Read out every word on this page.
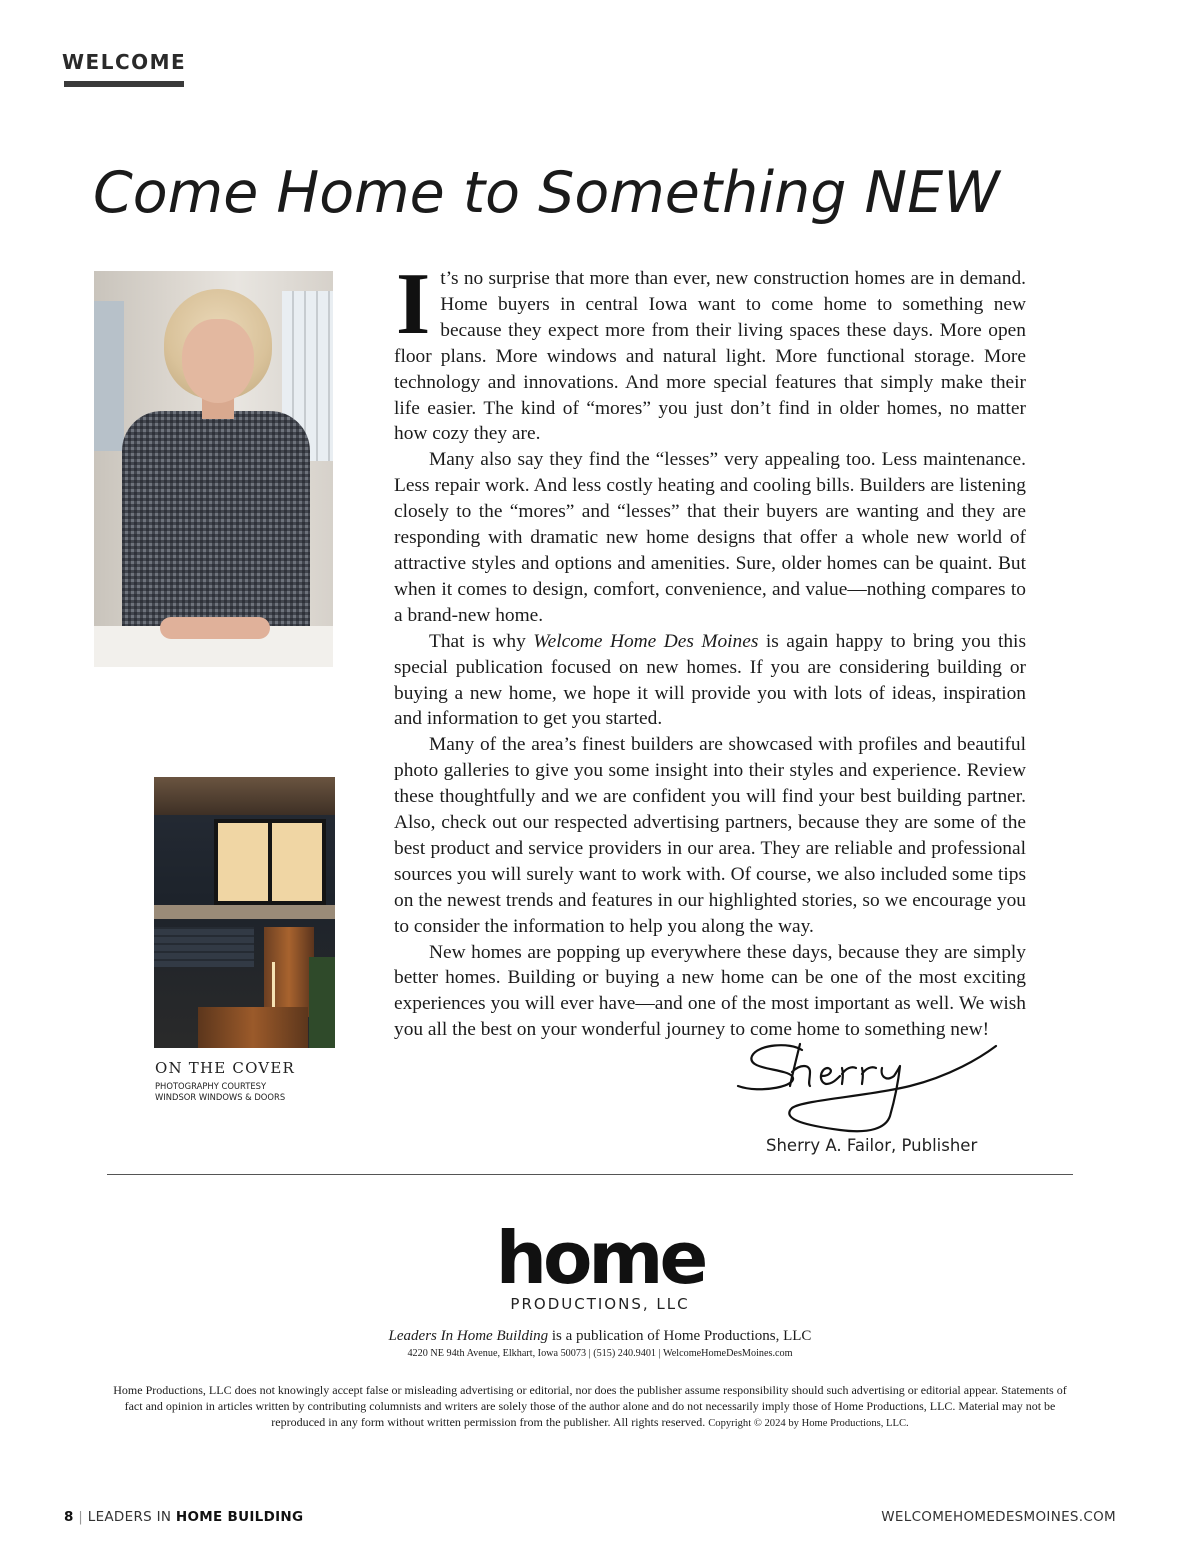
WELCOME
Come Home to Something NEW
ON THE COVER
PHOTOGRAPHY COURTESY
WINDSOR WINDOWS & DOORS

It’s no surprise that more than ever, new construction homes are in demand. Home buyers in central Iowa want to come home to something new because they expect more from their living spaces these days. More open floor plans. More windows and natural light. More functional storage. More technology and innovations. And more special features that simply make their life easier. The kind of “mores” you just don’t find in older homes, no matter how cozy they are.

Many also say they find the “lesses” very appealing too. Less maintenance. Less repair work. And less costly heating and cooling bills. Builders are listening closely to the “mores” and “lesses” that their buyers are wanting and they are responding with dramatic new home designs that offer a whole new world of attractive styles and options and amenities. Sure, older homes can be quaint. But when it comes to design, comfort, convenience, and value—nothing compares to a brand-new home.

That is why Welcome Home Des Moines is again happy to bring you this special publication focused on new homes. If you are considering building or buying a new home, we hope it will provide you with lots of ideas, inspiration and information to get you started.

Many of the area’s finest builders are showcased with profiles and beautiful photo galleries to give you some insight into their styles and experience. Review these thoughtfully and we are confident you will find your best building partner. Also, check out our respected advertising partners, because they are some of the best product and service providers in our area. They are reliable and professional sources you will surely want to work with. Of course, we also included some tips on the newest trends and features in our highlighted stories, so we encourage you to consider the information to help you along the way.

New homes are popping up everywhere these days, because they are simply better homes. Building or buying a new home can be one of the most exciting experiences you will ever have—and one of the most important as well. We wish you all the best on your wonderful journey to come home to something new!

Sherry A. Failor, Publisher
home
PRODUCTIONS, LLC
Leaders In Home Building is a publication of Home Productions, LLC
4220 NE 94th Avenue, Elkhart, Iowa 50073 | (515) 240.9401 | WelcomeHomeDesMoines.com
Home Productions, LLC does not knowingly accept false or misleading advertising or editorial, nor does the publisher assume responsibility should such advertising or editorial appear. Statements of fact and opinion in articles written by contributing columnists and writers are solely those of the author alone and do not necessarily imply those of Home Productions, LLC. Material may not be reproduced in any form without written permission from the publisher. All rights reserved. Copyright © 2024 by Home Productions, LLC.
8 | LEADERS IN HOME BUILDING	WELCOMEHOMEDESMOINES.COM
